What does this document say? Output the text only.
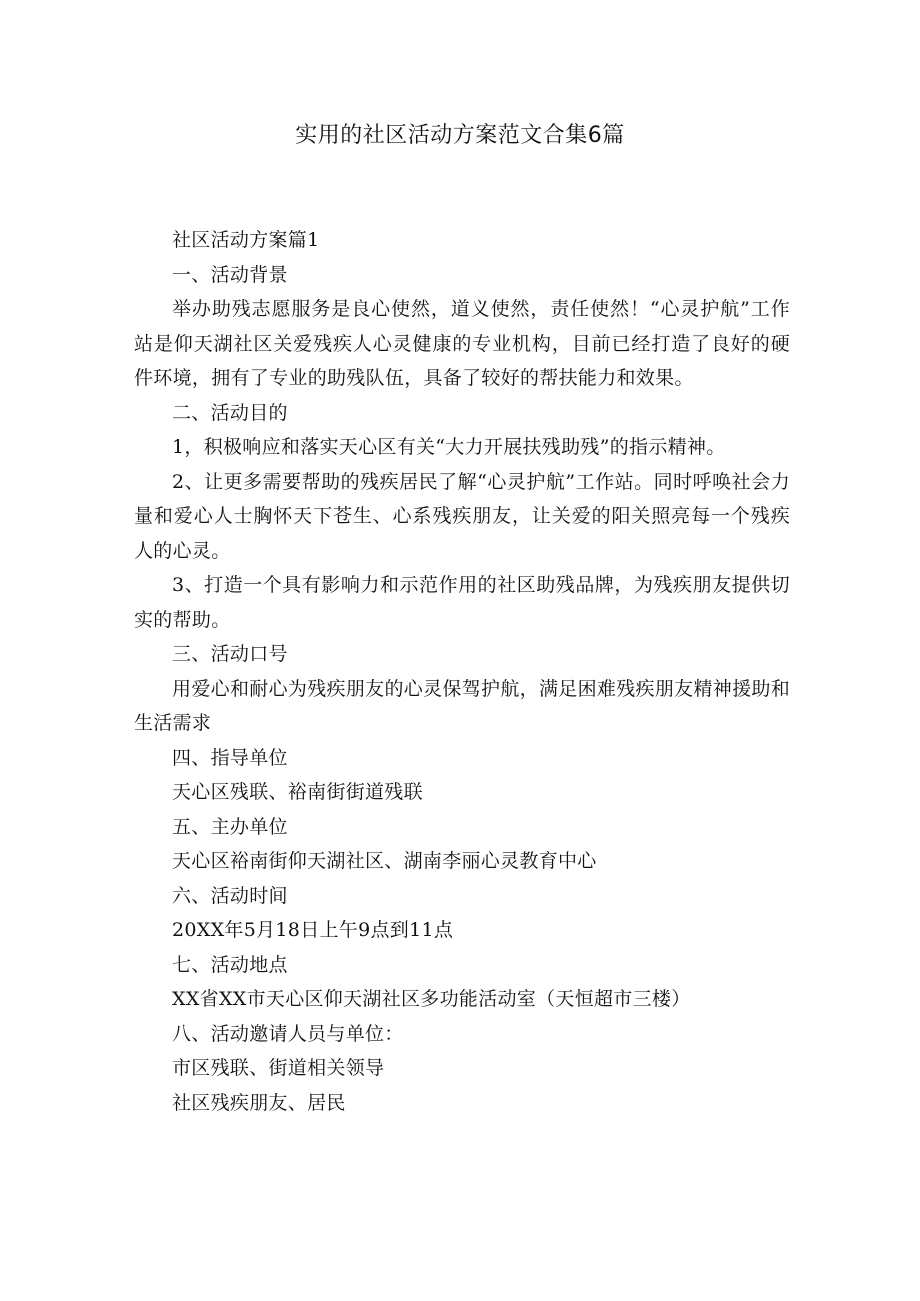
实用的社区活动方案范文合集6篇

社区活动方案篇1

一、活动背景

举办助残志愿服务是良心使然，道义使然，责任使然！“心灵护航”工作站是仰天湖社区关爱残疾人心灵健康的专业机构，目前已经打造了良好的硬件环境，拥有了专业的助残队伍，具备了较好的帮扶能力和效果。

二、活动目的

1，积极响应和落实天心区有关“大力开展扶残助残”的指示精神。

2、让更多需要帮助的残疾居民了解“心灵护航”工作站。同时呼唤社会力量和爱心人士胸怀天下苍生、心系残疾朋友，让关爱的阳关照亮每一个残疾人的心灵。

3、打造一个具有影响力和示范作用的社区助残品牌，为残疾朋友提供切实的帮助。

三、活动口号

用爱心和耐心为残疾朋友的心灵保驾护航，满足困难残疾朋友精神援助和生活需求

四、指导单位

天心区残联、裕南街街道残联

五、主办单位

天心区裕南街仰天湖社区、湖南李丽心灵教育中心

六、活动时间

20XX年5月18日上午9点到11点

七、活动地点

XX省XX市天心区仰天湖社区多功能活动室（天恒超市三楼）

八、活动邀请人员与单位：

市区残联、街道相关领导

社区残疾朋友、居民
